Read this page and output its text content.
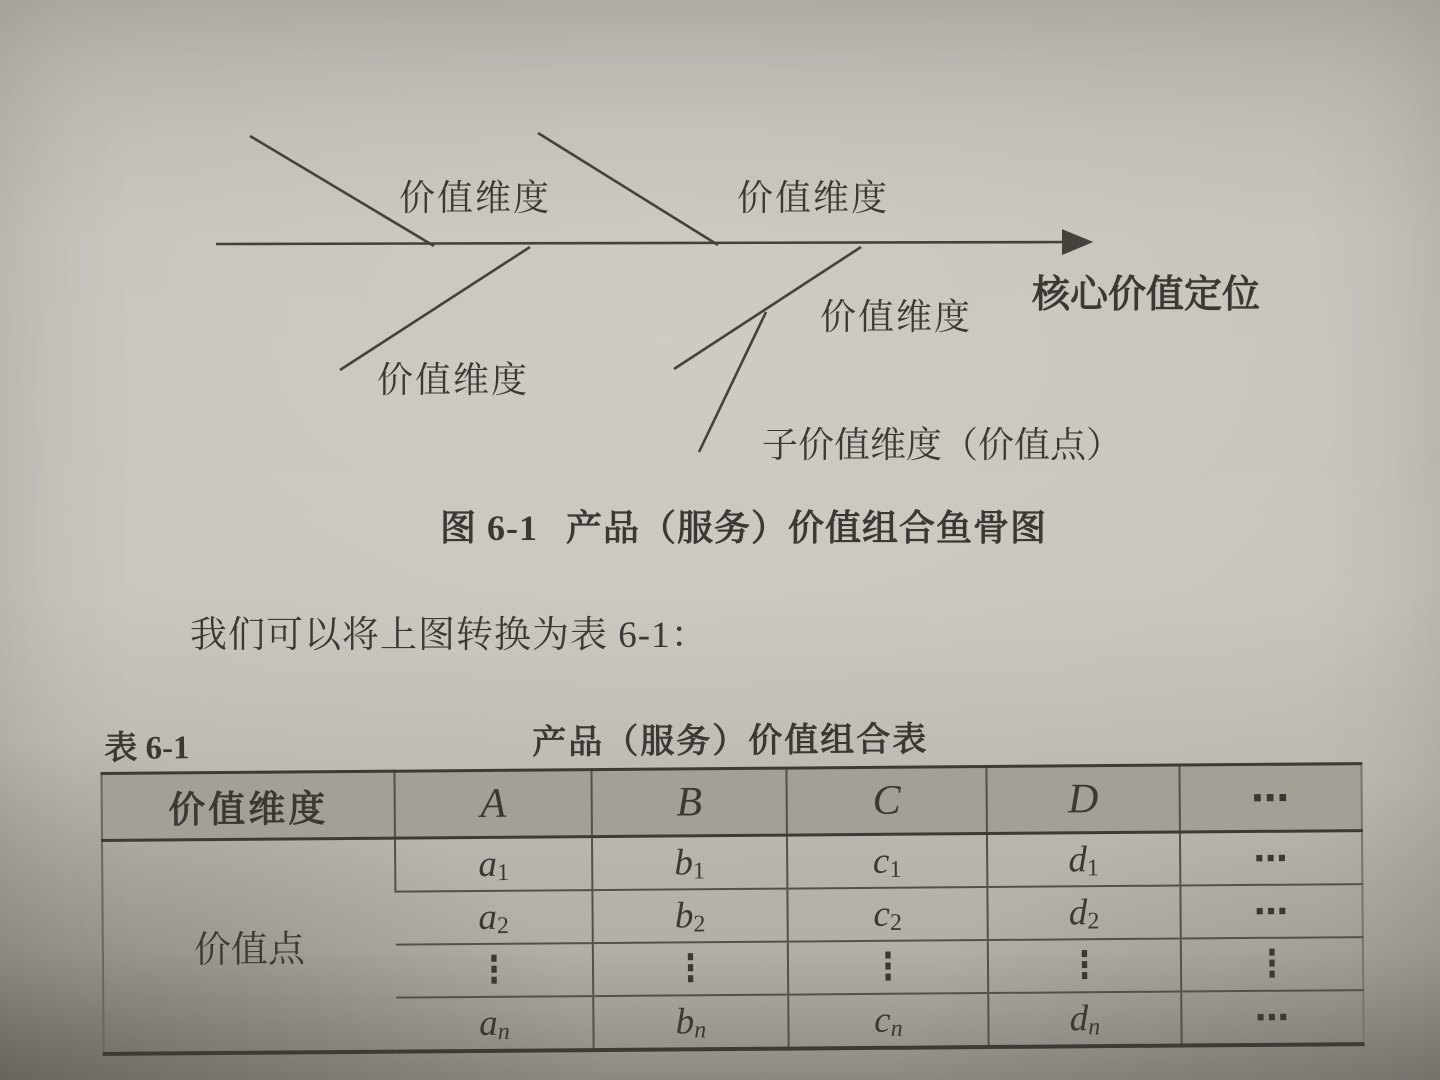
价值维度	价值维度
价值维度
价值维度
核心价值定位
子价值维度（价值点）
图 6-1 产品（服务）价值组合鱼骨图
我们可以将上图转换为表 6-1：
表 6-1	产品（服务）价值组合表
价值维度	A	B	C	D	⋯
价值点	$a_1$	$b_1$	$c_1$	$d_1$	⋯
	$a_2$	$b_2$	$c_2$	$d_2$	⋯
	⋮	⋮	⋮	⋮	⋮
	$a_n$	$b_n$	$c_n$	$d_n$	⋯
